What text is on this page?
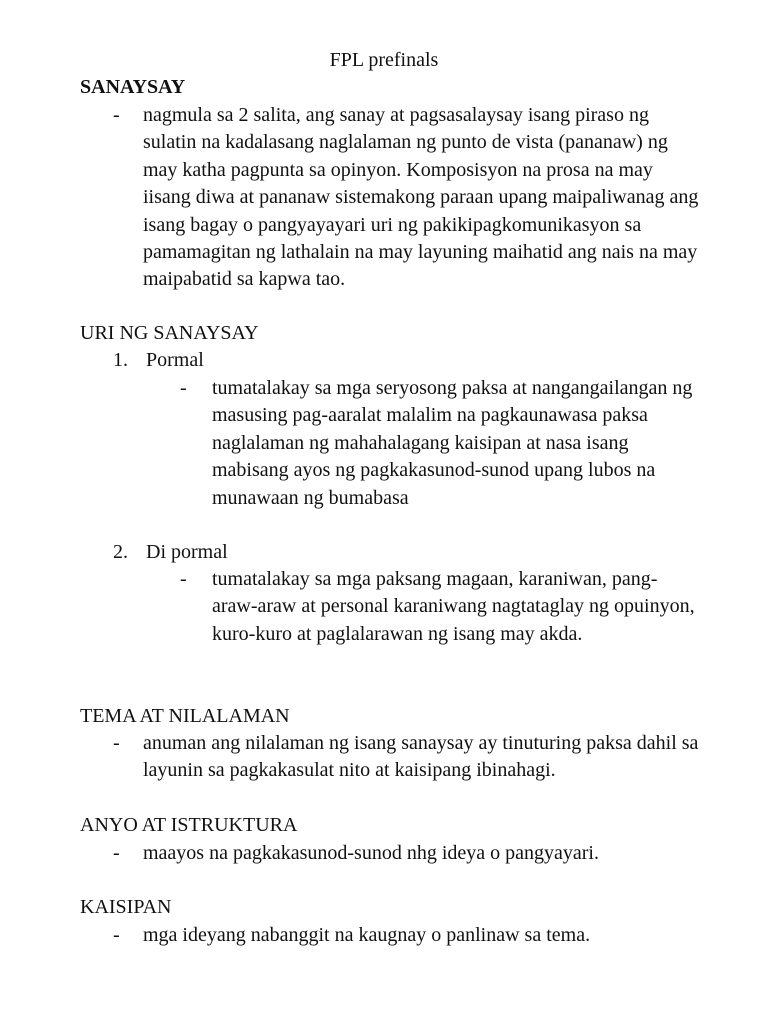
FPL prefinals
SANAYSAY
-	nagmula sa 2 salita, ang sanay at pagsasalaysay isang piraso ng sulatin na kadalasang naglalaman ng punto de vista (pananaw) ng may katha pagpunta sa opinyon. Komposisyon na prosa na may iisang diwa at pananaw sistemakong paraan upang maipaliwanag ang isang bagay o pangyayayari uri ng pakikipagkomunikasyon sa pamamagitan ng lathalain na may layuning maihatid ang nais na may maipabatid sa kapwa tao.

URI NG SANAYSAY
1. Pormal
-	tumatalakay sa mga seryosong paksa at nangangailangan ng masusing pag-aaralat malalim na pagkaunawasa paksa naglalaman ng mahahalagang kaisipan at nasa isang mabisang ayos ng pagkakasunod-sunod upang lubos na munawaan ng bumabasa

2. Di pormal
-	tumatalakay sa mga paksang magaan, karaniwan, pang-araw-araw at personal karaniwang nagtataglay ng opuinyon, kuro-kuro at paglalarawan ng isang may akda.

TEMA AT NILALAMAN
-	anuman ang nilalaman ng isang sanaysay ay tinuturing paksa dahil sa layunin sa pagkakasulat nito at kaisipang ibinahagi.

ANYO AT ISTRUKTURA
-	maayos na pagkakasunod-sunod nhg ideya o pangyayari.

KAISIPAN
-	mga ideyang nabanggit na kaugnay o panlinaw sa tema.
